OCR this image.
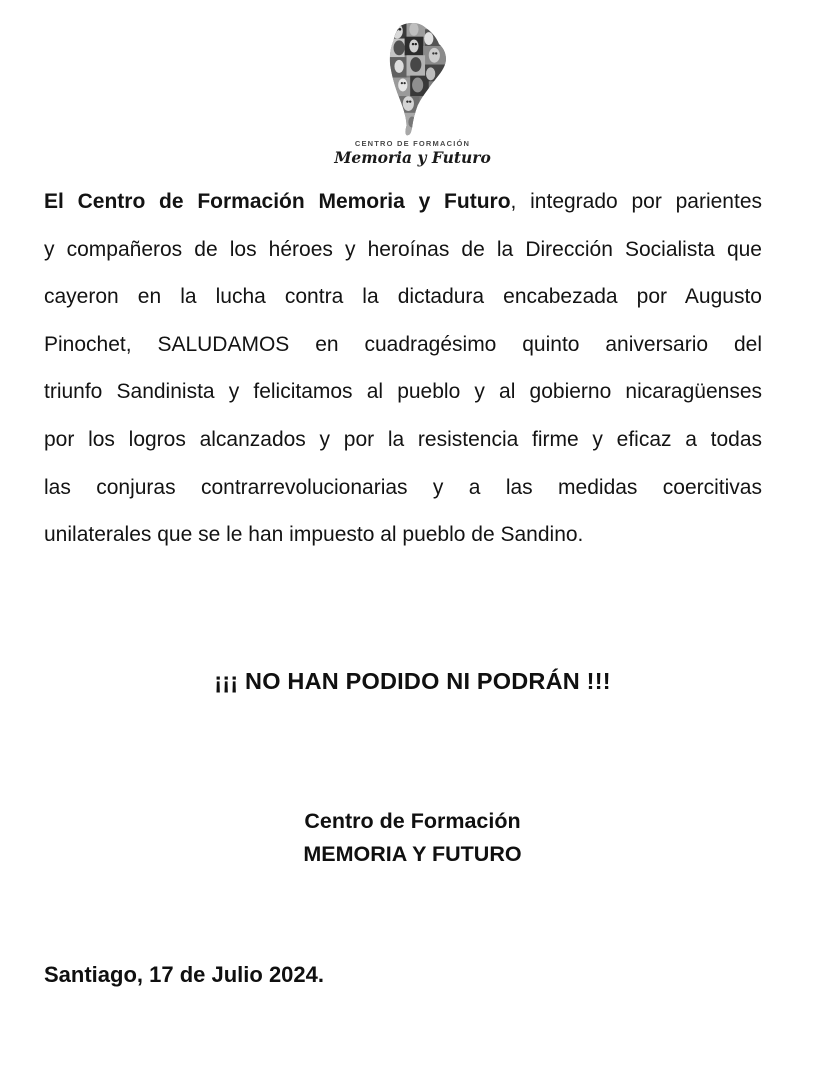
CENTRO DE FORMACIÓN
Memoria y Futuro
El Centro de Formación Memoria y Futuro, integrado por parientes
y compañeros de los héroes y heroínas de la Dirección Socialista que
cayeron en la lucha contra la dictadura encabezada por Augusto
Pinochet, SALUDAMOS en cuadragésimo quinto aniversario del
triunfo Sandinista y felicitamos al pueblo y al gobierno nicaragüenses
por los logros alcanzados y por la resistencia firme y eficaz a todas
las conjuras contrarrevolucionarias y a las medidas coercitivas
unilaterales que se le han impuesto al pueblo de Sandino.
¡¡¡ NO HAN PODIDO NI PODRÁN !!!
Centro de Formación
MEMORIA Y FUTURO
Santiago, 17 de Julio 2024.
